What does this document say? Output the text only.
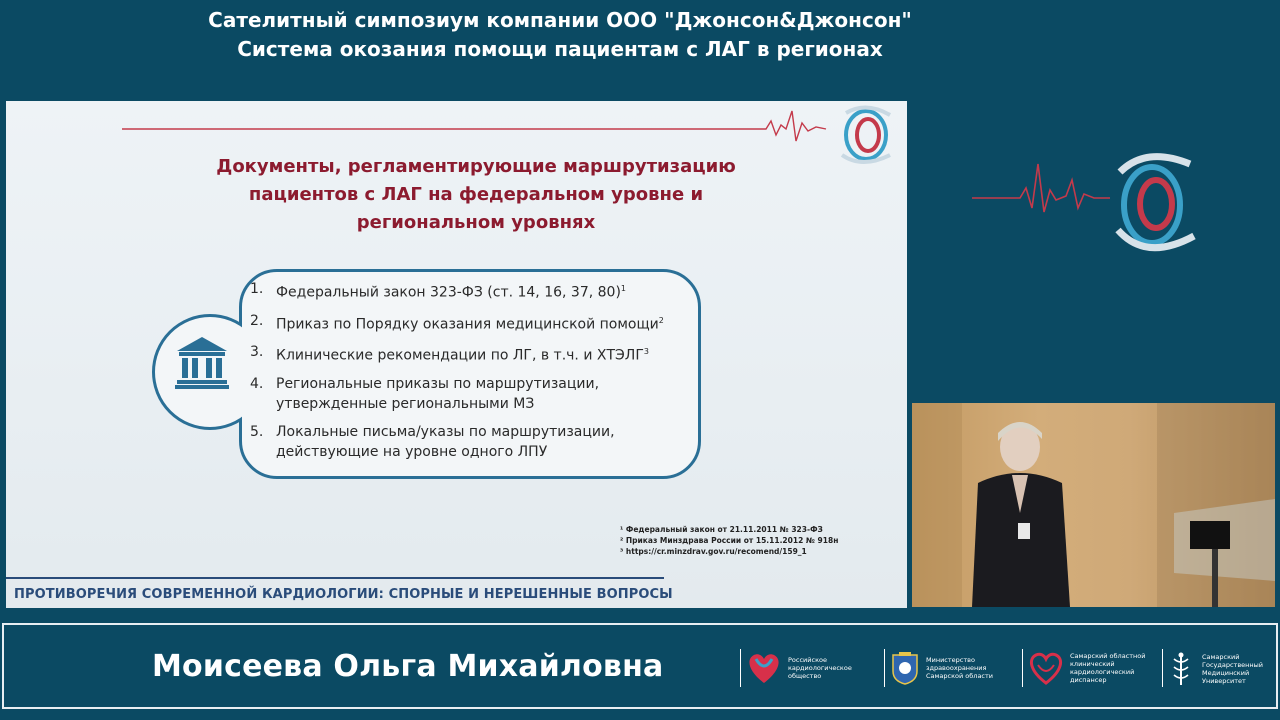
Сателитный симпозиум компании ООО "Джонсон&Джонсон"
Система окозания помощи пациентам с ЛАГ в регионах
Документы, регламентирующие маршрутизацию
пациентов с ЛАГ на федеральном уровне и
региональном уровнях
1. Федеральный закон 323-ФЗ (ст. 14, 16, 37, 80)$^1$
2. Приказ по Порядку оказания медицинской помощи$^2$
3. Клинические рекомендации по ЛГ, в т.ч. и ХТЭЛГ$^3$
4. Региональные приказы по маршрутизации,
утвержденные региональными МЗ
5. Локальные письма/указы по маршрутизации,
действующие на уровне одного ЛПУ
¹ Федеральный закон от 21.11.2011 № 323-ФЗ
² Приказ Минздрава России от 15.11.2012 № 918н
³ https://cr.minzdrav.gov.ru/recomend/159_1
ПРОТИВОРЕЧИЯ СОВРЕМЕННОЙ КАРДИОЛОГИИ: СПОРНЫЕ И НЕРЕШЕННЫЕ ВОПРОСЫ
Моисеева Ольга Михайловна	Российское
кардиологическое
общество
Министерство
здравоохранения
Самарской области
Самарский областной
клинический
кардиологический
диспансер
Самарский
Государственный
Медицинский
Университет
